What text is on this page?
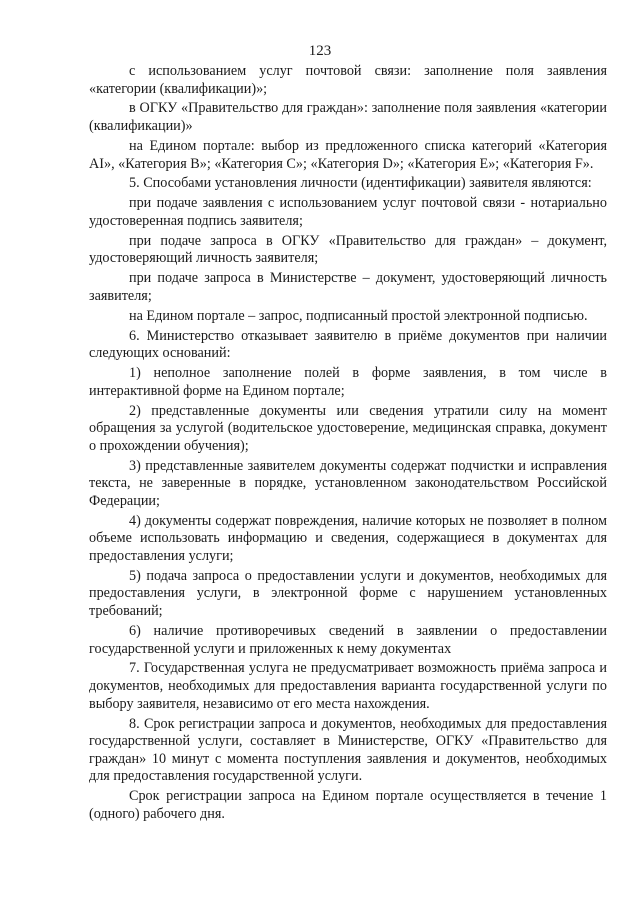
123

с использованием услуг почтовой связи: заполнение поля заявления «категории (квалификации)»;

в ОГКУ «Правительство для граждан»: заполнение поля заявления «категории (квалификации)»

на Едином портале: выбор из предложенного списка категорий «Категория AI», «Категория B»; «Категория C»; «Категория D»; «Категория E»; «Категория F».

5. Способами установления личности (идентификации) заявителя являются:

при подаче заявления с использованием услуг почтовой связи - нотариально удостоверенная подпись заявителя;

при подаче запроса в ОГКУ «Правительство для граждан» – документ, удостоверяющий личность заявителя;

при подаче запроса в Министерстве – документ, удостоверяющий личность заявителя;

на Едином портале – запрос, подписанный простой электронной подписью.

6. Министерство отказывает заявителю в приёме документов при наличии следующих оснований:

1) неполное заполнение полей в форме заявления, в том числе в интерактивной форме на Едином портале;

2) представленные документы или сведения утратили силу на момент обращения за услугой (водительское удостоверение, медицинская справка, документ о прохождении обучения);

3) представленные заявителем документы содержат подчистки и исправления текста, не заверенные в порядке, установленном законодательством Российской Федерации;

4) документы содержат повреждения, наличие которых не позволяет в полном объеме использовать информацию и сведения, содержащиеся в документах для предоставления услуги;

5) подача запроса о предоставлении услуги и документов, необходимых для предоставления услуги, в электронной форме с нарушением установленных требований;

6) наличие противоречивых сведений в заявлении о предоставлении государственной услуги и приложенных к нему документах

7. Государственная услуга не предусматривает возможность приёма запроса и документов, необходимых для предоставления варианта государственной услуги по выбору заявителя, независимо от его места нахождения.

8. Срок регистрации запроса и документов, необходимых для предоставления государственной услуги, составляет в Министерстве, ОГКУ «Правительство для граждан» 10 минут с момента поступления заявления и документов, необходимых для предоставления государственной услуги.

Срок регистрации запроса на Едином портале осуществляется в течение 1 (одного) рабочего дня.
